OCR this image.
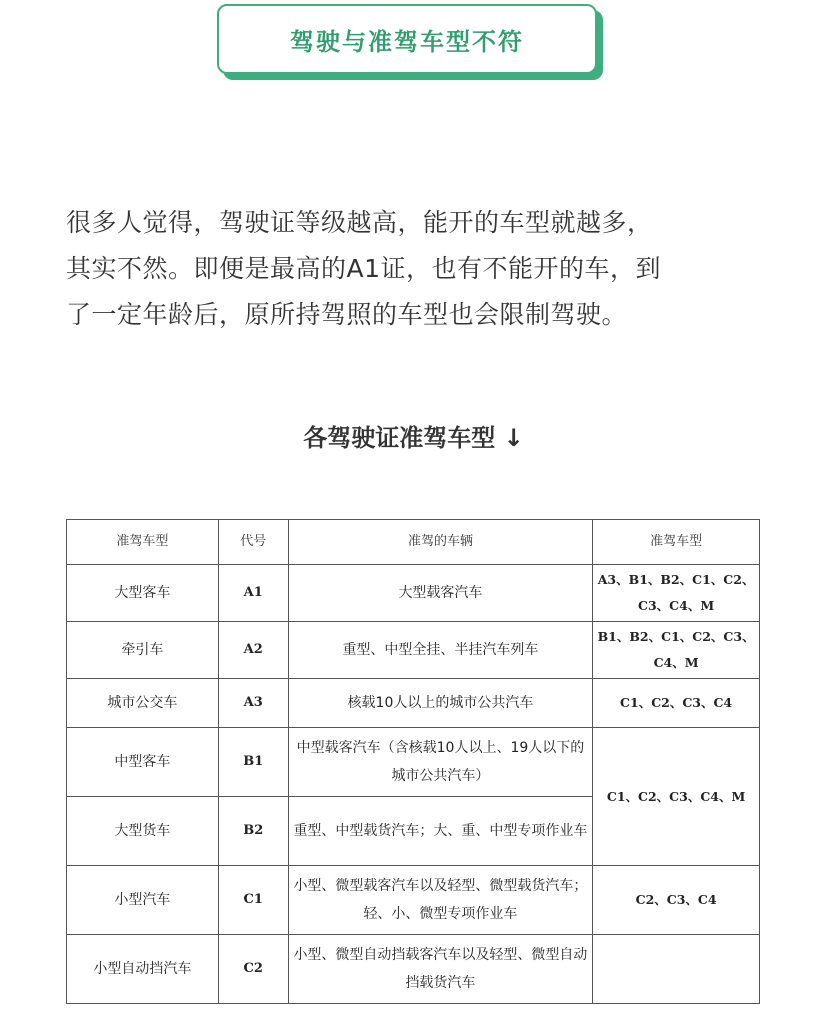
驾驶与准驾车型不符

很多人觉得，驾驶证等级越高，能开的车型就越多，

其实不然。即便是最高的A1证，也有不能开的车，到

了一定年龄后，原所持驾照的车型也会限制驾驶。

各驾驶证准驾车型 ↓
准驾车型	代号	准驾的车辆	准驾车型
大型客车	A1	大型载客汽车	A3、B1、B2、C1、C2、C3、C4、M
牵引车	A2	重型、中型全挂、半挂汽车列车	B1、B2、C1、C2、C3、C4、M
城市公交车	A3	核载10人以上的城市公共汽车	C1、C2、C3、C4
中型客车	B1	中型载客汽车（含核载10人以上、19人以下的城市公共汽车）	C1、C2、C3、C4、M
大型货车	B2	重型、中型载货汽车；大、重、中型专项作业车	
小型汽车	C1	小型、微型载客汽车以及轻型、微型载货汽车；轻、小、微型专项作业车	C2、C3、C4
小型自动挡汽车	C2	小型、微型自动挡载客汽车以及轻型、微型自动挡载货汽车	
